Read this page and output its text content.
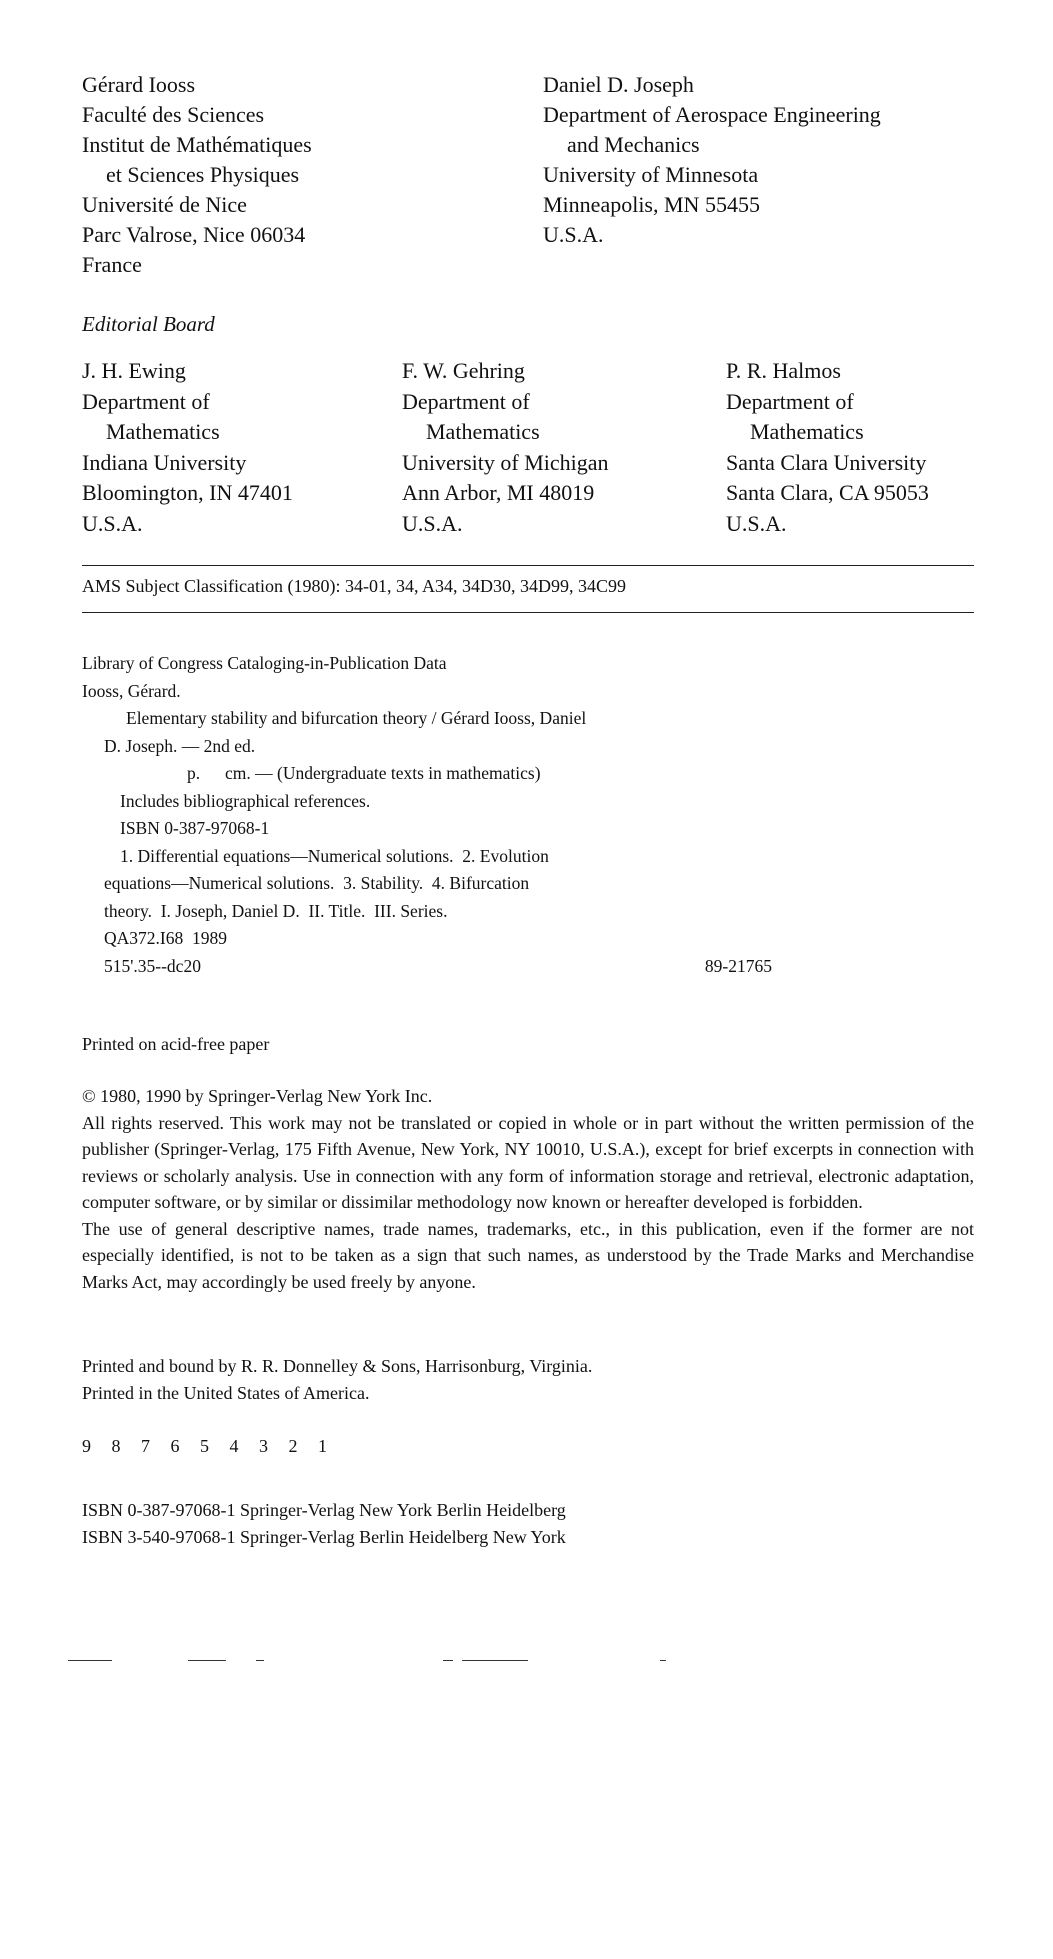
Gérard Iooss
Faculté des Sciences
Institut de Mathématiques
et Sciences Physiques
Université de Nice
Parc Valrose, Nice 06034
France
Daniel D. Joseph
Department of Aerospace Engineering
and Mechanics
University of Minnesota
Minneapolis, MN 55455
U.S.A.
Editorial Board
J. H. Ewing
Department of
Mathematics
Indiana University
Bloomington, IN 47401
U.S.A.
F. W. Gehring
Department of
Mathematics
University of Michigan
Ann Arbor, MI 48019
U.S.A.
P. R. Halmos
Department of
Mathematics
Santa Clara University
Santa Clara, CA 95053
U.S.A.
AMS Subject Classification (1980): 34-01, 34, A34, 34D30, 34D99, 34C99
Library of Congress Cataloging-in-Publication Data
Iooss, Gérard.
Elementary stability and bifurcation theory / Gérard Iooss, Daniel
D. Joseph. — 2nd ed.
p. cm. — (Undergraduate texts in mathematics)
Includes bibliographical references.
ISBN 0-387-97068-1
1. Differential equations—Numerical solutions.  2. Evolution
equations—Numerical solutions.  3. Stability.  4. Bifurcation
theory.  I. Joseph, Daniel D.  II. Title.  III. Series.
QA372.I68  1989
515'.35--dc20	89-21765
Printed on acid-free paper

© 1980, 1990 by Springer-Verlag New York Inc.

All rights reserved. This work may not be translated or copied in whole or in part without the written permission of the publisher (Springer-Verlag, 175 Fifth Avenue, New York, NY 10010, U.S.A.), except for brief excerpts in connection with reviews or scholarly analysis. Use in connection with any form of information storage and retrieval, electronic adaptation, computer software, or by similar or dissimilar methodology now known or hereafter developed is forbidden.

The use of general descriptive names, trade names, trademarks, etc., in this publication, even if the former are not especially identified, is not to be taken as a sign that such names, as understood by the Trade Marks and Merchandise Marks Act, may accordingly be used freely by anyone.

Printed and bound by R. R. Donnelley & Sons, Harrisonburg, Virginia.
Printed in the United States of America.
9 8 7 6 5 4 3 2 1
ISBN 0-387-97068-1 Springer-Verlag New York Berlin Heidelberg
ISBN 3-540-97068-1 Springer-Verlag Berlin Heidelberg New York
